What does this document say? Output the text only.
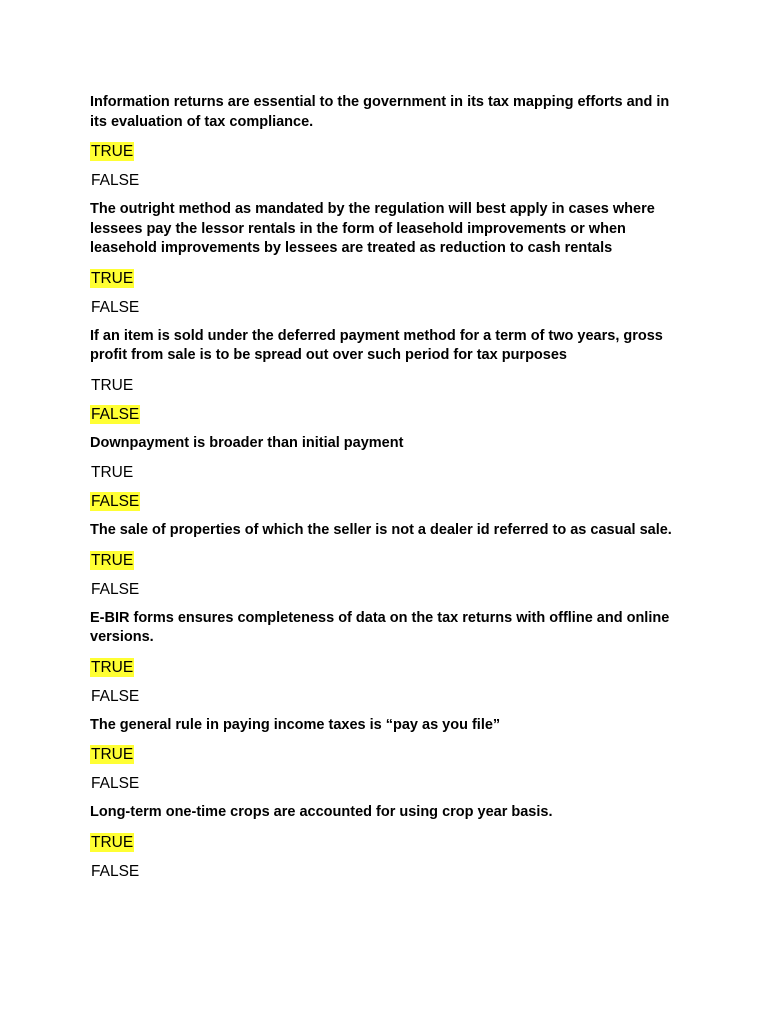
Information returns are essential to the government in its tax mapping efforts and in its evaluation of tax compliance.

TRUE
FALSE

The outright method as mandated by the regulation will best apply in cases where lessees pay the lessor rentals in the form of leasehold improvements or when leasehold improvements by lessees are treated as reduction to cash rentals

TRUE
FALSE

If an item is sold under the deferred payment method for a term of two years, gross profit from sale is to be spread out over such period for tax purposes

TRUE
FALSE

Downpayment is broader than initial payment

TRUE
FALSE

The sale of properties of which the seller is not a dealer id referred to as casual sale.

TRUE
FALSE

E-BIR forms ensures completeness of data on the tax returns with offline and online versions.

TRUE
FALSE

The general rule in paying income taxes is “pay as you file”

TRUE
FALSE

Long-term one-time crops are accounted for using crop year basis.

TRUE
FALSE
